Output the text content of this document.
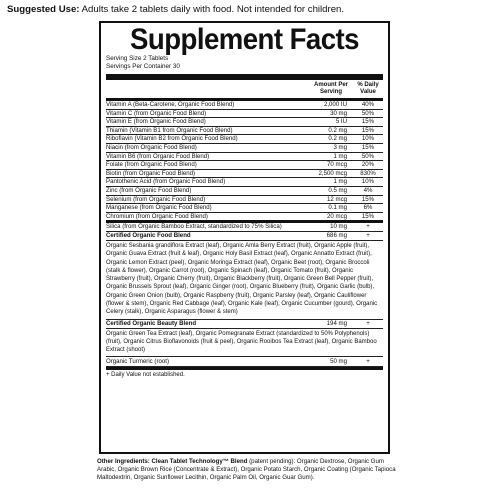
Suggested Use: Adults take 2 tablets daily with food. Not intended for children.
Supplement Facts
Serving Size 2 Tablets
Servings Per Container 30
Amount Per Serving
% Daily Value
Vitamin A (Beta-Carotene, Organic Food Blend)	2,000 IU	40%
Vitamin C (from Organic Food Blend)	30 mg	50%
Vitamin E (from Organic Food Blend)	5 IU	15%
Thiamin (Vitamin B1 from Organic Food Blend)	0.2 mg	15%
Riboflavin (Vitamin B2 from Organic Food Blend)	0.2 mg	10%
Niacin (from Organic Food Blend)	3 mg	15%
Vitamin B6 (from Organic Food Blend)	1 mg	50%
Folate (from Organic Food Blend)	70 mcg	20%
Biotin (from Organic Food Blend)	2,500 mcg	830%
Pantothenic Acid (from Organic Food Blend)	1 mg	10%
Zinc (from Organic Food Blend)	0.5 mg	4%
Selenium (from Organic Food Blend)	12 mcg	15%
Manganese (from Organic Food Blend)	0.1 mg	6%
Chromium (from Organic Food Blend)	20 mcg	15%
Silica (from Organic Bamboo Extract, standardized to 75% Silica)	10 mg	+
Certified Organic Food Blend	686 mg	+
Organic Sesbania grandiflora Extract (leaf), Organic Amla Berry Extract (fruit), Organic Apple (fruit), Organic Guava Extract (fruit & leaf), Organic Holy Basil Extract (leaf), Organic Annatto Extract (fruit), Organic Lemon Extract (peel), Organic Moringa Extract (leaf), Organic Beet (root), Organic Broccoli (stalk & flower), Organic Carrot (root), Organic Spinach (leaf), Organic Tomato (fruit), Organic Strawberry (fruit), Organic Cherry (fruit), Organic Blackberry (fruit), Organic Green Bell Pepper (fruit), Organic Brussels Sprout (leaf), Organic Ginger (root), Organic Blueberry (fruit), Organic Garlic (bulb), Organic Green Onion (bulb), Organic Raspberry (fruit), Organic Parsley (leaf), Organic Cauliflower (flower & stem), Organic Red Cabbage (leaf), Organic Kale (leaf), Organic Cucumber (gourd), Organic Celery (stalk), Organic Asparagus (flower & stem)
Certified Organic Beauty Blend	194 mg	+
Organic Green Tea Extract (leaf), Organic Pomegranate Extract (standardized to 50% Polyphenols) (fruit), Organic Citrus Bioflavonoids (fruit & peel), Organic Rooibos Tea Extract (leaf), Organic Bamboo Extract (shoot)
Organic Turmeric (root)	50 mg	+
+ Daily Value not established.
Other Ingredients: Clean Tablet Technology™ Blend (patent pending): Organic Dextrose, Organic Gum Arabic, Organic Brown Rice (Concentrate & Extract), Organic Potato Starch, Organic Coating (Organic Tapioca Maltodextrin, Organic Sunflower Lecithin, Organic Palm Oil, Organic Guar Gum).
